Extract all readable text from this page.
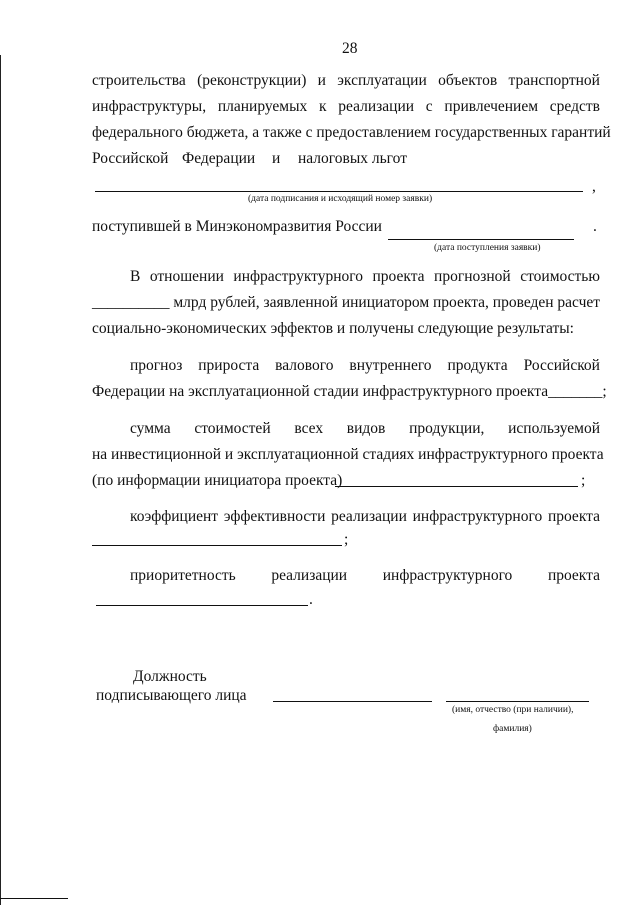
28
строительства (реконструкции) и эксплуатации объектов транспортной
инфраструктуры, планируемых к реализации с привлечением средств
федерального бюджета, а также с предоставлением государственных гарантий
Российской Федерации и налоговых льгот
,
(дата подписания и исходящий номер заявки)
поступившей в Минэкономразвития России	.
(дата поступления заявки)
В отношении инфраструктурного проекта прогнозной стоимостью
__________ млрд рублей, заявленной инициатором проекта, проведен расчет
социально-экономических эффектов и получены следующие результаты:
прогноз прироста валового внутреннего продукта Российской
Федерации на эксплуатационной стадии инфраструктурного проекта_______;
сумма стоимостей всех видов продукции, используемой
на инвестиционной и эксплуатационной стадиях инфраструктурного проекта
(по информации инициатора проекта)	;
коэффициент эффективности реализации инфраструктурного проекта
;
приоритетность реализации инфраструктурного проекта
.
Должность
подписывающего лица
(имя, отчество (при наличии),
фамилия)
